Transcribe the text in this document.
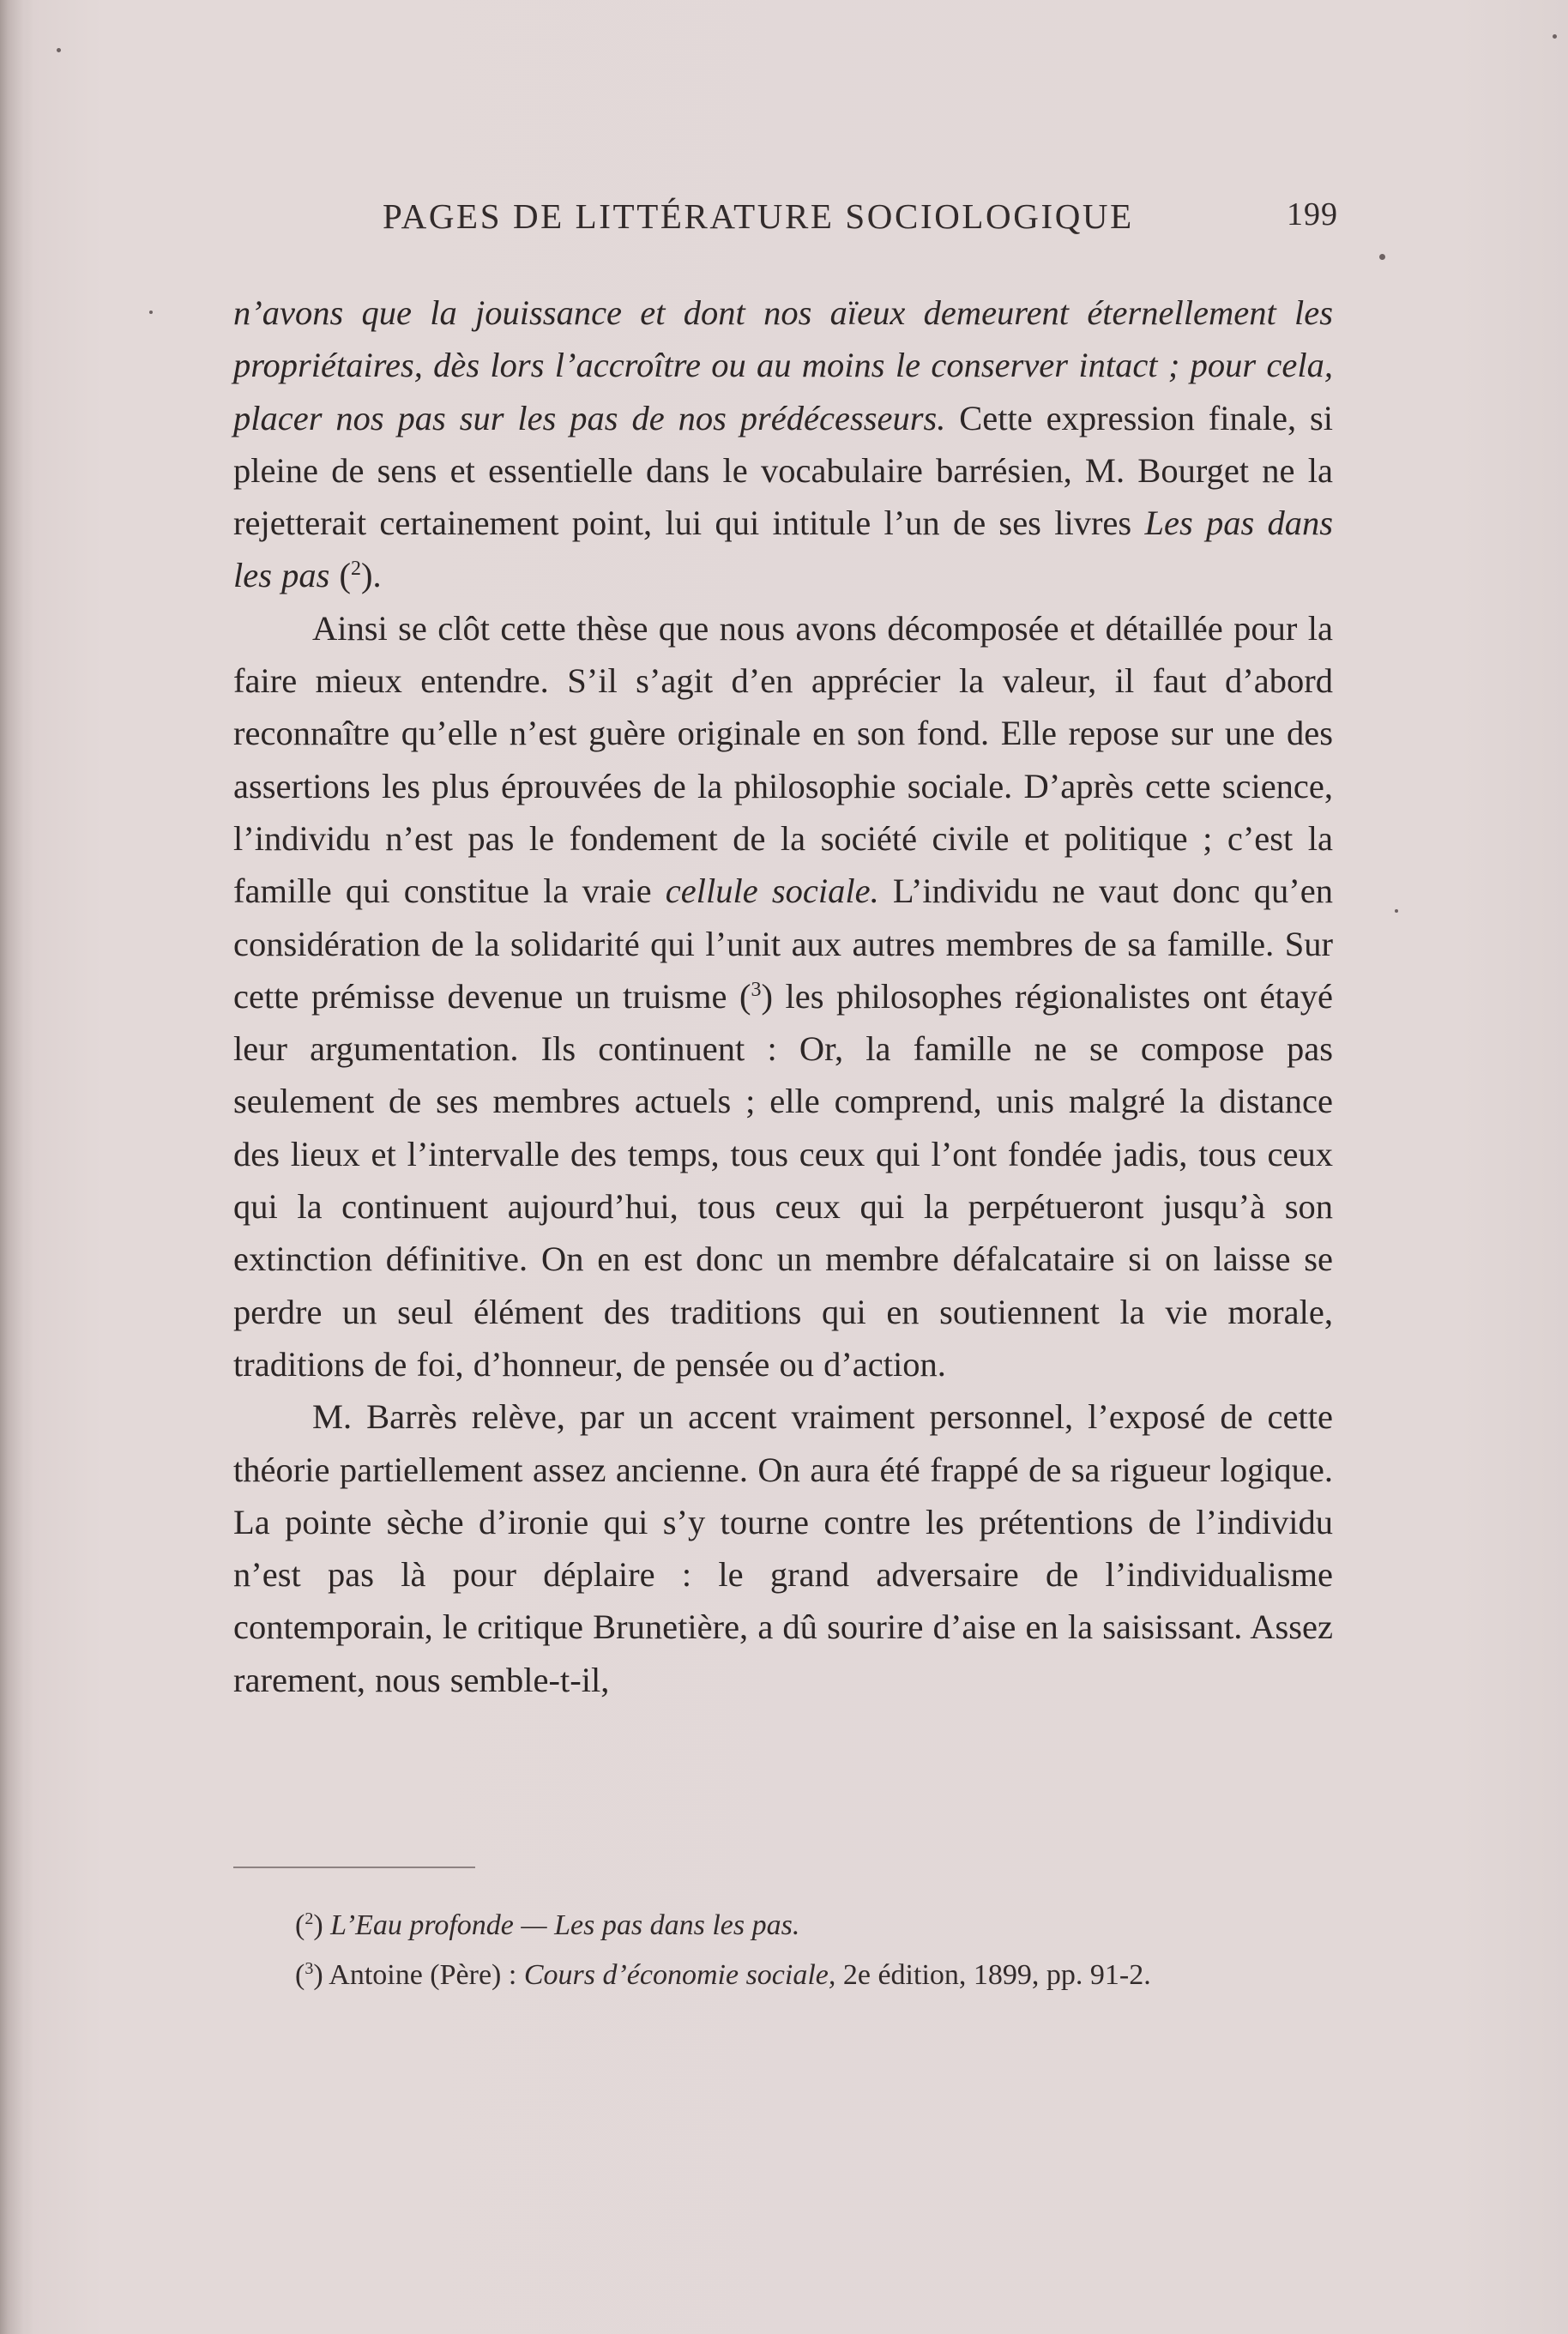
PAGES DE LITTÉRATURE SOCIOLOGIQUE	199

n’avons que la jouissance et dont nos aïeux demeurent éternellement les propriétaires, dès lors l’accroître ou au moins le conserver intact ; pour cela, placer nos pas sur les pas de nos prédécesseurs. Cette expression finale, si pleine de sens et essentielle dans le vocabulaire barrésien, M. Bourget ne la rejetterait certainement point, lui qui intitule l’un de ses livres Les pas dans les pas ($^2$).

Ainsi se clôt cette thèse que nous avons décomposée et détaillée pour la faire mieux entendre. S’il s’agit d’en apprécier la valeur, il faut d’abord reconnaître qu’elle n’est guère originale en son fond. Elle repose sur une des assertions les plus éprouvées de la philosophie sociale. D’après cette science, l’individu n’est pas le fondement de la société civile et politique ; c’est la famille qui constitue la vraie cellule sociale. L’individu ne vaut donc qu’en considération de la solidarité qui l’unit aux autres membres de sa famille. Sur cette prémisse devenue un truisme ($^3$) les philosophes régionalistes ont étayé leur argumentation. Ils continuent : Or, la famille ne se compose pas seulement de ses membres actuels ; elle comprend, unis malgré la distance des lieux et l’intervalle des temps, tous ceux qui l’ont fondée jadis, tous ceux qui la continuent aujourd’hui, tous ceux qui la perpétueront jusqu’à son extinction définitive. On en est donc un membre défalcataire si on laisse se perdre un seul élément des traditions qui en soutiennent la vie morale, traditions de foi, d’honneur, de pensée ou d’action.

M. Barrès relève, par un accent vraiment personnel, l’exposé de cette théorie partiellement assez ancienne. On aura été frappé de sa rigueur logique. La pointe sèche d’ironie qui s’y tourne contre les prétentions de l’individu n’est pas là pour déplaire : le grand adversaire de l’individualisme contemporain, le critique Brunetière, a dû sourire d’aise en la saisissant. Assez rarement, nous semble-t-il,

($^2$) L’Eau profonde — Les pas dans les pas.

($^3$) Antoine (Père) : Cours d’économie sociale, 2e édition, 1899, pp. 91-2.
